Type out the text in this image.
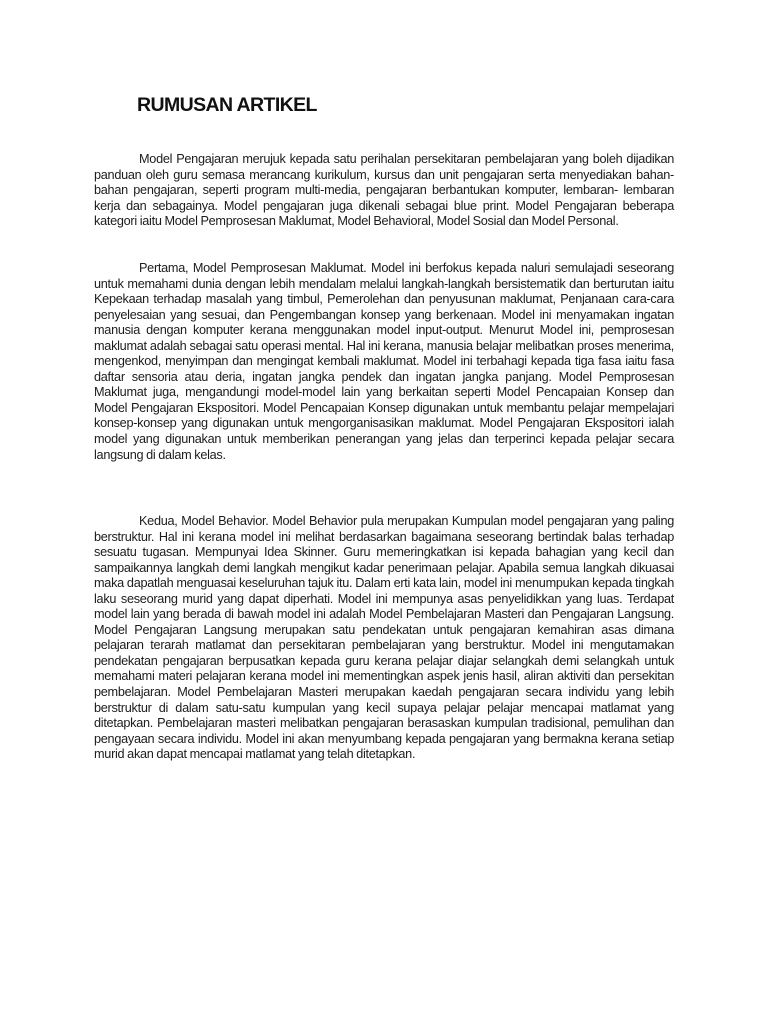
RUMUSAN ARTIKEL

Model Pengajaran merujuk kepada satu perihalan persekitaran pembelajaran yang boleh dijadikan panduan oleh guru semasa merancang kurikulum, kursus dan unit pengajaran serta menyediakan bahan-bahan pengajaran, seperti program multi-media, pengajaran berbantukan komputer, lembaran- lembaran kerja dan sebagainya. Model pengajaran juga dikenali sebagai blue print. Model Pengajaran beberapa kategori iaitu Model Pemprosesan Maklumat, Model Behavioral, Model Sosial dan Model Personal.

Pertama, Model Pemprosesan Maklumat. Model ini berfokus kepada naluri semulajadi seseorang untuk memahami dunia dengan lebih mendalam melalui langkah-langkah bersistematik dan berturutan iaitu Kepekaan terhadap masalah yang timbul, Pemerolehan dan penyusunan maklumat, Penjanaan cara-cara penyelesaian yang sesuai, dan Pengembangan konsep yang berkenaan. Model ini menyamakan ingatan manusia dengan komputer kerana menggunakan model input-output. Menurut Model ini, pemprosesan maklumat adalah sebagai satu operasi mental. Hal ini kerana, manusia belajar melibatkan proses menerima, mengenkod, menyimpan dan mengingat kembali maklumat. Model ini terbahagi kepada tiga fasa iaitu fasa daftar sensoria atau deria, ingatan jangka pendek dan ingatan jangka panjang. Model Pemprosesan Maklumat juga, mengandungi model-model lain yang berkaitan seperti Model Pencapaian Konsep dan Model Pengajaran Ekspositori. Model Pencapaian Konsep digunakan untuk membantu pelajar mempelajari konsep-konsep yang digunakan untuk mengorganisasikan maklumat. Model Pengajaran Ekspositori ialah model yang digunakan untuk memberikan penerangan yang jelas dan terperinci kepada pelajar secara langsung di dalam kelas.

Kedua, Model Behavior. Model Behavior pula merupakan Kumpulan model pengajaran yang paling berstruktur. Hal ini kerana model ini melihat berdasarkan bagaimana seseorang bertindak balas terhadap sesuatu tugasan. Mempunyai Idea Skinner. Guru memeringkatkan isi kepada bahagian yang kecil dan sampaikannya langkah demi langkah mengikut kadar penerimaan pelajar. Apabila semua langkah dikuasai maka dapatlah menguasai keseluruhan tajuk itu. Dalam erti kata lain, model ini menumpukan kepada tingkah laku seseorang murid yang dapat diperhati. Model ini mempunya asas penyelidikkan yang luas. Terdapat model lain yang berada di bawah model ini adalah Model Pembelajaran Masteri dan Pengajaran Langsung. Model Pengajaran Langsung merupakan satu pendekatan untuk pengajaran kemahiran asas dimana pelajaran terarah matlamat dan persekitaran pembelajaran yang berstruktur. Model ini mengutamakan pendekatan pengajaran berpusatkan kepada guru kerana pelajar diajar selangkah demi selangkah untuk memahami materi pelajaran kerana model ini mementingkan aspek jenis hasil, aliran aktiviti dan persekitan pembelajaran. Model Pembelajaran Masteri merupakan kaedah pengajaran secara individu yang lebih berstruktur di dalam satu-satu kumpulan yang kecil supaya pelajar pelajar mencapai matlamat yang ditetapkan. Pembelajaran masteri melibatkan pengajaran berasaskan kumpulan tradisional, pemulihan dan pengayaan secara individu. Model ini akan menyumbang kepada pengajaran yang bermakna kerana setiap murid akan dapat mencapai matlamat yang telah ditetapkan.
